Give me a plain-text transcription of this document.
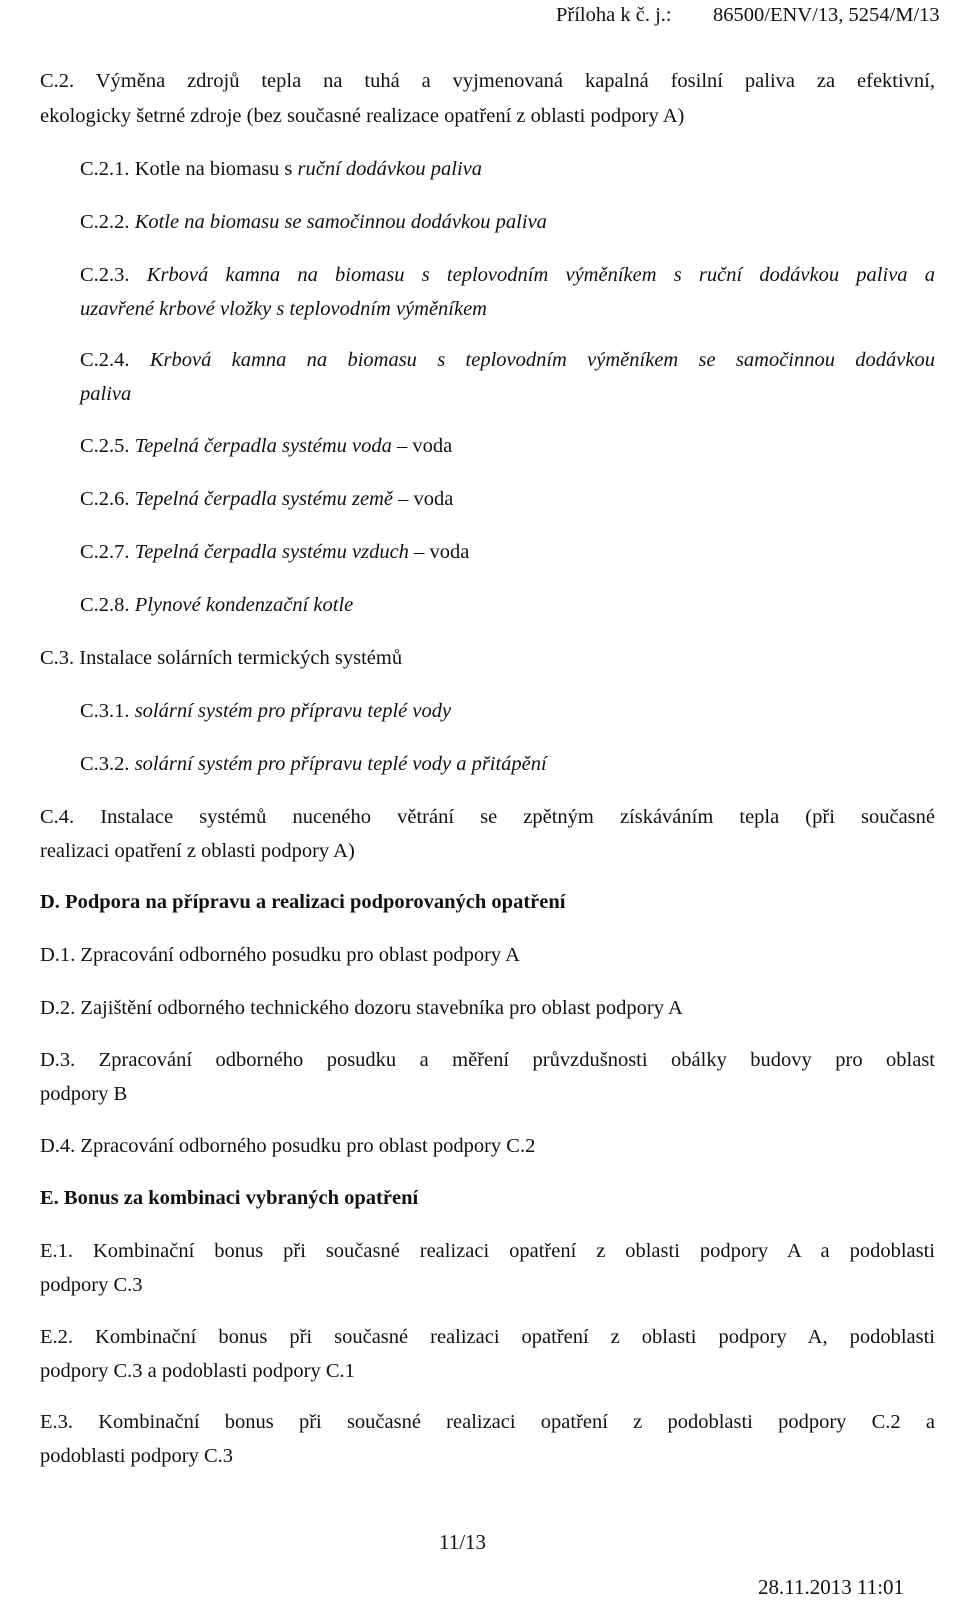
Příloha k č. j.: 86500/ENV/13, 5254/M/13
C.2. Výměna zdrojů tepla na tuhá a vyjmenovaná kapalná fosilní paliva za efektivní,
ekologicky šetrné zdroje (bez současné realizace opatření z oblasti podpory A)
C.2.1. Kotle na biomasu s ruční dodávkou paliva
C.2.2. Kotle na biomasu se samočinnou dodávkou paliva
C.2.3. Krbová kamna na biomasu s teplovodním výměníkem s ruční dodávkou paliva a
uzavřené krbové vložky s teplovodním výměníkem
C.2.4. Krbová kamna na biomasu s teplovodním výměníkem se samočinnou dodávkou
paliva
C.2.5. Tepelná čerpadla systému voda – voda
C.2.6. Tepelná čerpadla systému země – voda
C.2.7. Tepelná čerpadla systému vzduch – voda
C.2.8. Plynové kondenzační kotle
C.3. Instalace solárních termických systémů
C.3.1. solární systém pro přípravu teplé vody
C.3.2. solární systém pro přípravu teplé vody a přitápění
C.4. Instalace systémů nuceného větrání se zpětným získáváním tepla (při současné
realizaci opatření z oblasti podpory A)
D. Podpora na přípravu a realizaci podporovaných opatření
D.1. Zpracování odborného posudku pro oblast podpory A
D.2. Zajištění odborného technického dozoru stavebníka pro oblast podpory A
D.3. Zpracování odborného posudku a měření průvzdušnosti obálky budovy pro oblast
podpory B
D.4. Zpracování odborného posudku pro oblast podpory C.2
E. Bonus za kombinaci vybraných opatření
E.1. Kombinační bonus při současné realizaci opatření z oblasti podpory A a podoblasti
podpory C.3
E.2. Kombinační bonus při současné realizaci opatření z oblasti podpory A, podoblasti
podpory C.3 a podoblasti podpory C.1
E.3. Kombinační bonus při současné realizaci opatření z podoblasti podpory C.2 a
podoblasti podpory C.3
11/13
28.11.2013 11:01
